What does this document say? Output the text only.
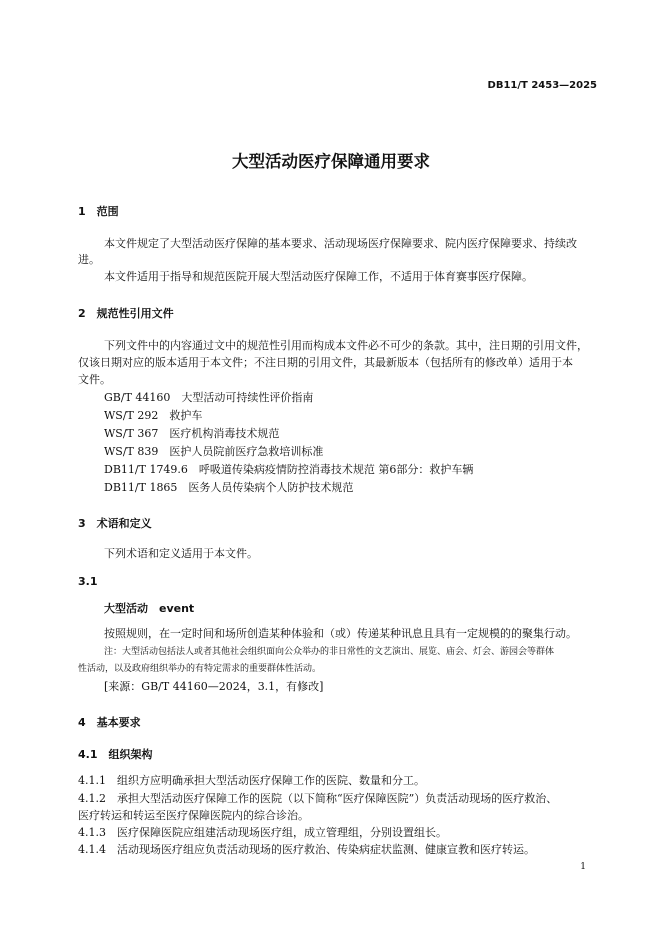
DB11/T 2453—2025
大型活动医疗保障通用要求
1　范围
本文件规定了大型活动医疗保障的基本要求、活动现场医疗保障要求、院内医疗保障要求、持续改
进。
本文件适用于指导和规范医院开展大型活动医疗保障工作，不适用于体育赛事医疗保障。
2　规范性引用文件
下列文件中的内容通过文中的规范性引用而构成本文件必不可少的条款。其中，注日期的引用文件，
仅该日期对应的版本适用于本文件；不注日期的引用文件，其最新版本（包括所有的修改单）适用于本
文件。
GB/T 44160　大型活动可持续性评价指南
WS/T 292　救护车
WS/T 367　医疗机构消毒技术规范
WS/T 839　医护人员院前医疗急救培训标准
DB11/T 1749.6　呼吸道传染病疫情防控消毒技术规范 第6部分：救护车辆
DB11/T 1865　医务人员传染病个人防护技术规范
3　术语和定义
下列术语和定义适用于本文件。
3.1
大型活动　event
按照规则，在一定时间和场所创造某种体验和（或）传递某种讯息且具有一定规模的的聚集行动。
注：大型活动包括法人或者其他社会组织面向公众举办的非日常性的文艺演出、展览、庙会、灯会、游园会等群体
性活动，以及政府组织举办的有特定需求的重要群体性活动。
[来源：GB/T 44160—2024，3.1，有修改]
4　基本要求
4.1　组织架构
4.1.1　组织方应明确承担大型活动医疗保障工作的医院、数量和分工。
4.1.2　承担大型活动医疗保障工作的医院（以下简称“医疗保障医院”）负责活动现场的医疗救治、
医疗转运和转运至医疗保障医院内的综合诊治。
4.1.3　医疗保障医院应组建活动现场医疗组，成立管理组，分别设置组长。
4.1.4　活动现场医疗组应负责活动现场的医疗救治、传染病症状监测、健康宣教和医疗转运。
1
